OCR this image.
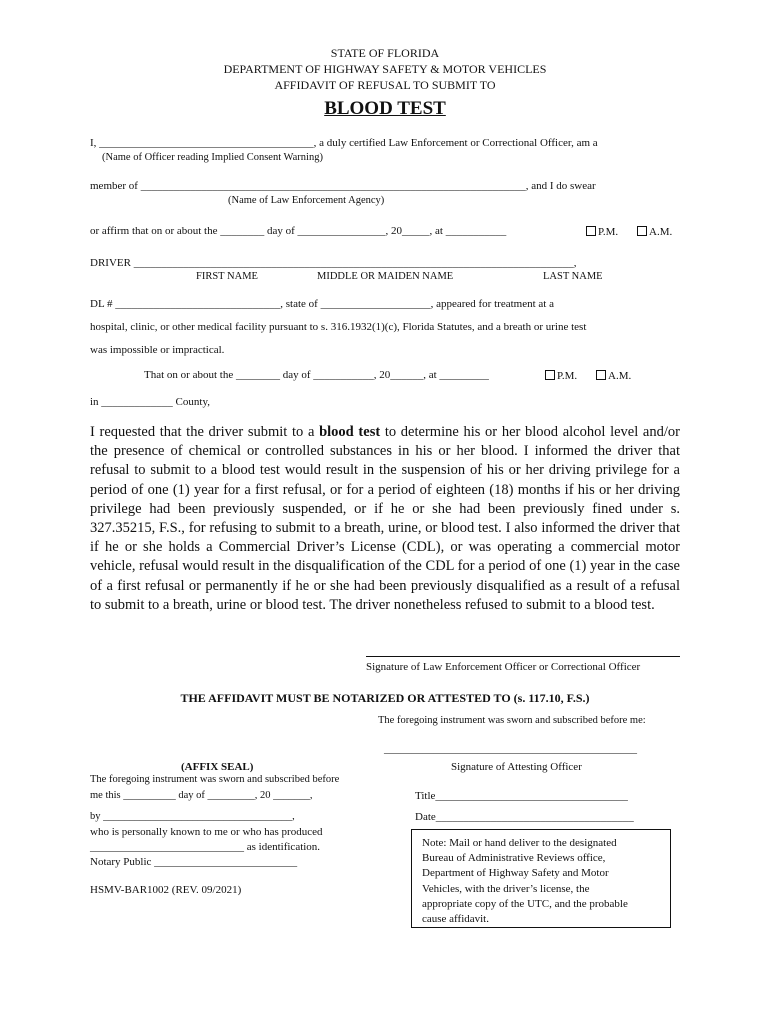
STATE OF FLORIDA
DEPARTMENT OF HIGHWAY SAFETY & MOTOR VEHICLES
AFFIDAVIT OF REFUSAL TO SUBMIT TO
BLOOD TEST
I, _______________________________________, a duly certified Law Enforcement or Correctional Officer, am a
(Name of Officer reading Implied Consent Warning)
member of ______________________________________________________________________, and I do swear
(Name of Law Enforcement Agency)
or affirm that on or about the ________ day of ________________, 20_____, at ___________	P.M.	A.M.
DRIVER ________________________________________________________________________________,
FIRST NAME	MIDDLE OR MAIDEN NAME	LAST NAME
DL # ______________________________, state of ____________________, appeared for treatment at a
hospital, clinic, or other medical facility pursuant to s. 316.1932(1)(c), Florida Statutes, and a breath or urine test
was impossible or impractical.
That on or about the ________ day of ___________, 20______, at _________	P.M.	A.M.
in _____________ County,
I requested that the driver submit to a blood test to determine his or her blood alcohol level and/or the presence of chemical or controlled substances in his or her blood. I informed the driver that refusal to submit to a blood test would result in the suspension of his or her driving privilege for a period of one (1) year for a first refusal, or for a period of eighteen (18) months if his or her driving privilege had been previously suspended, or if he or she had been previously fined under s. 327.35215, F.S., for refusing to submit to a breath, urine, or blood test. I also informed the driver that if he or she holds a Commercial Driver’s License (CDL), or was operating a commercial motor vehicle, refusal would result in the disqualification of the CDL for a period of one (1) year in the case of a first refusal or permanently if he or she had been previously disqualified as a result of a refusal to submit to a breath, urine or blood test. The driver nonetheless refused to submit to a blood test.
Signature of Law Enforcement Officer or Correctional Officer
THE AFFIDAVIT MUST BE NOTARIZED OR ATTESTED TO (s. 117.10, F.S.)
The foregoing instrument was sworn and subscribed before me:
______________________________________________
Signature of Attesting Officer
(AFFIX SEAL)
The foregoing instrument was sworn and subscribed before
me this __________ day of _________, 20 _______,	Title___________________________________
by ____________________________________,	Date____________________________________
who is personally known to me or who has produced
____________________________ as identification.
Notary Public __________________________
HSMV-BAR1002 (REV. 09/2021)
Note: Mail or hand deliver to the designated
Bureau of Administrative Reviews office,
Department of Highway Safety and Motor
Vehicles, with the driver’s license, the
appropriate copy of the UTC, and the probable
cause affidavit.
